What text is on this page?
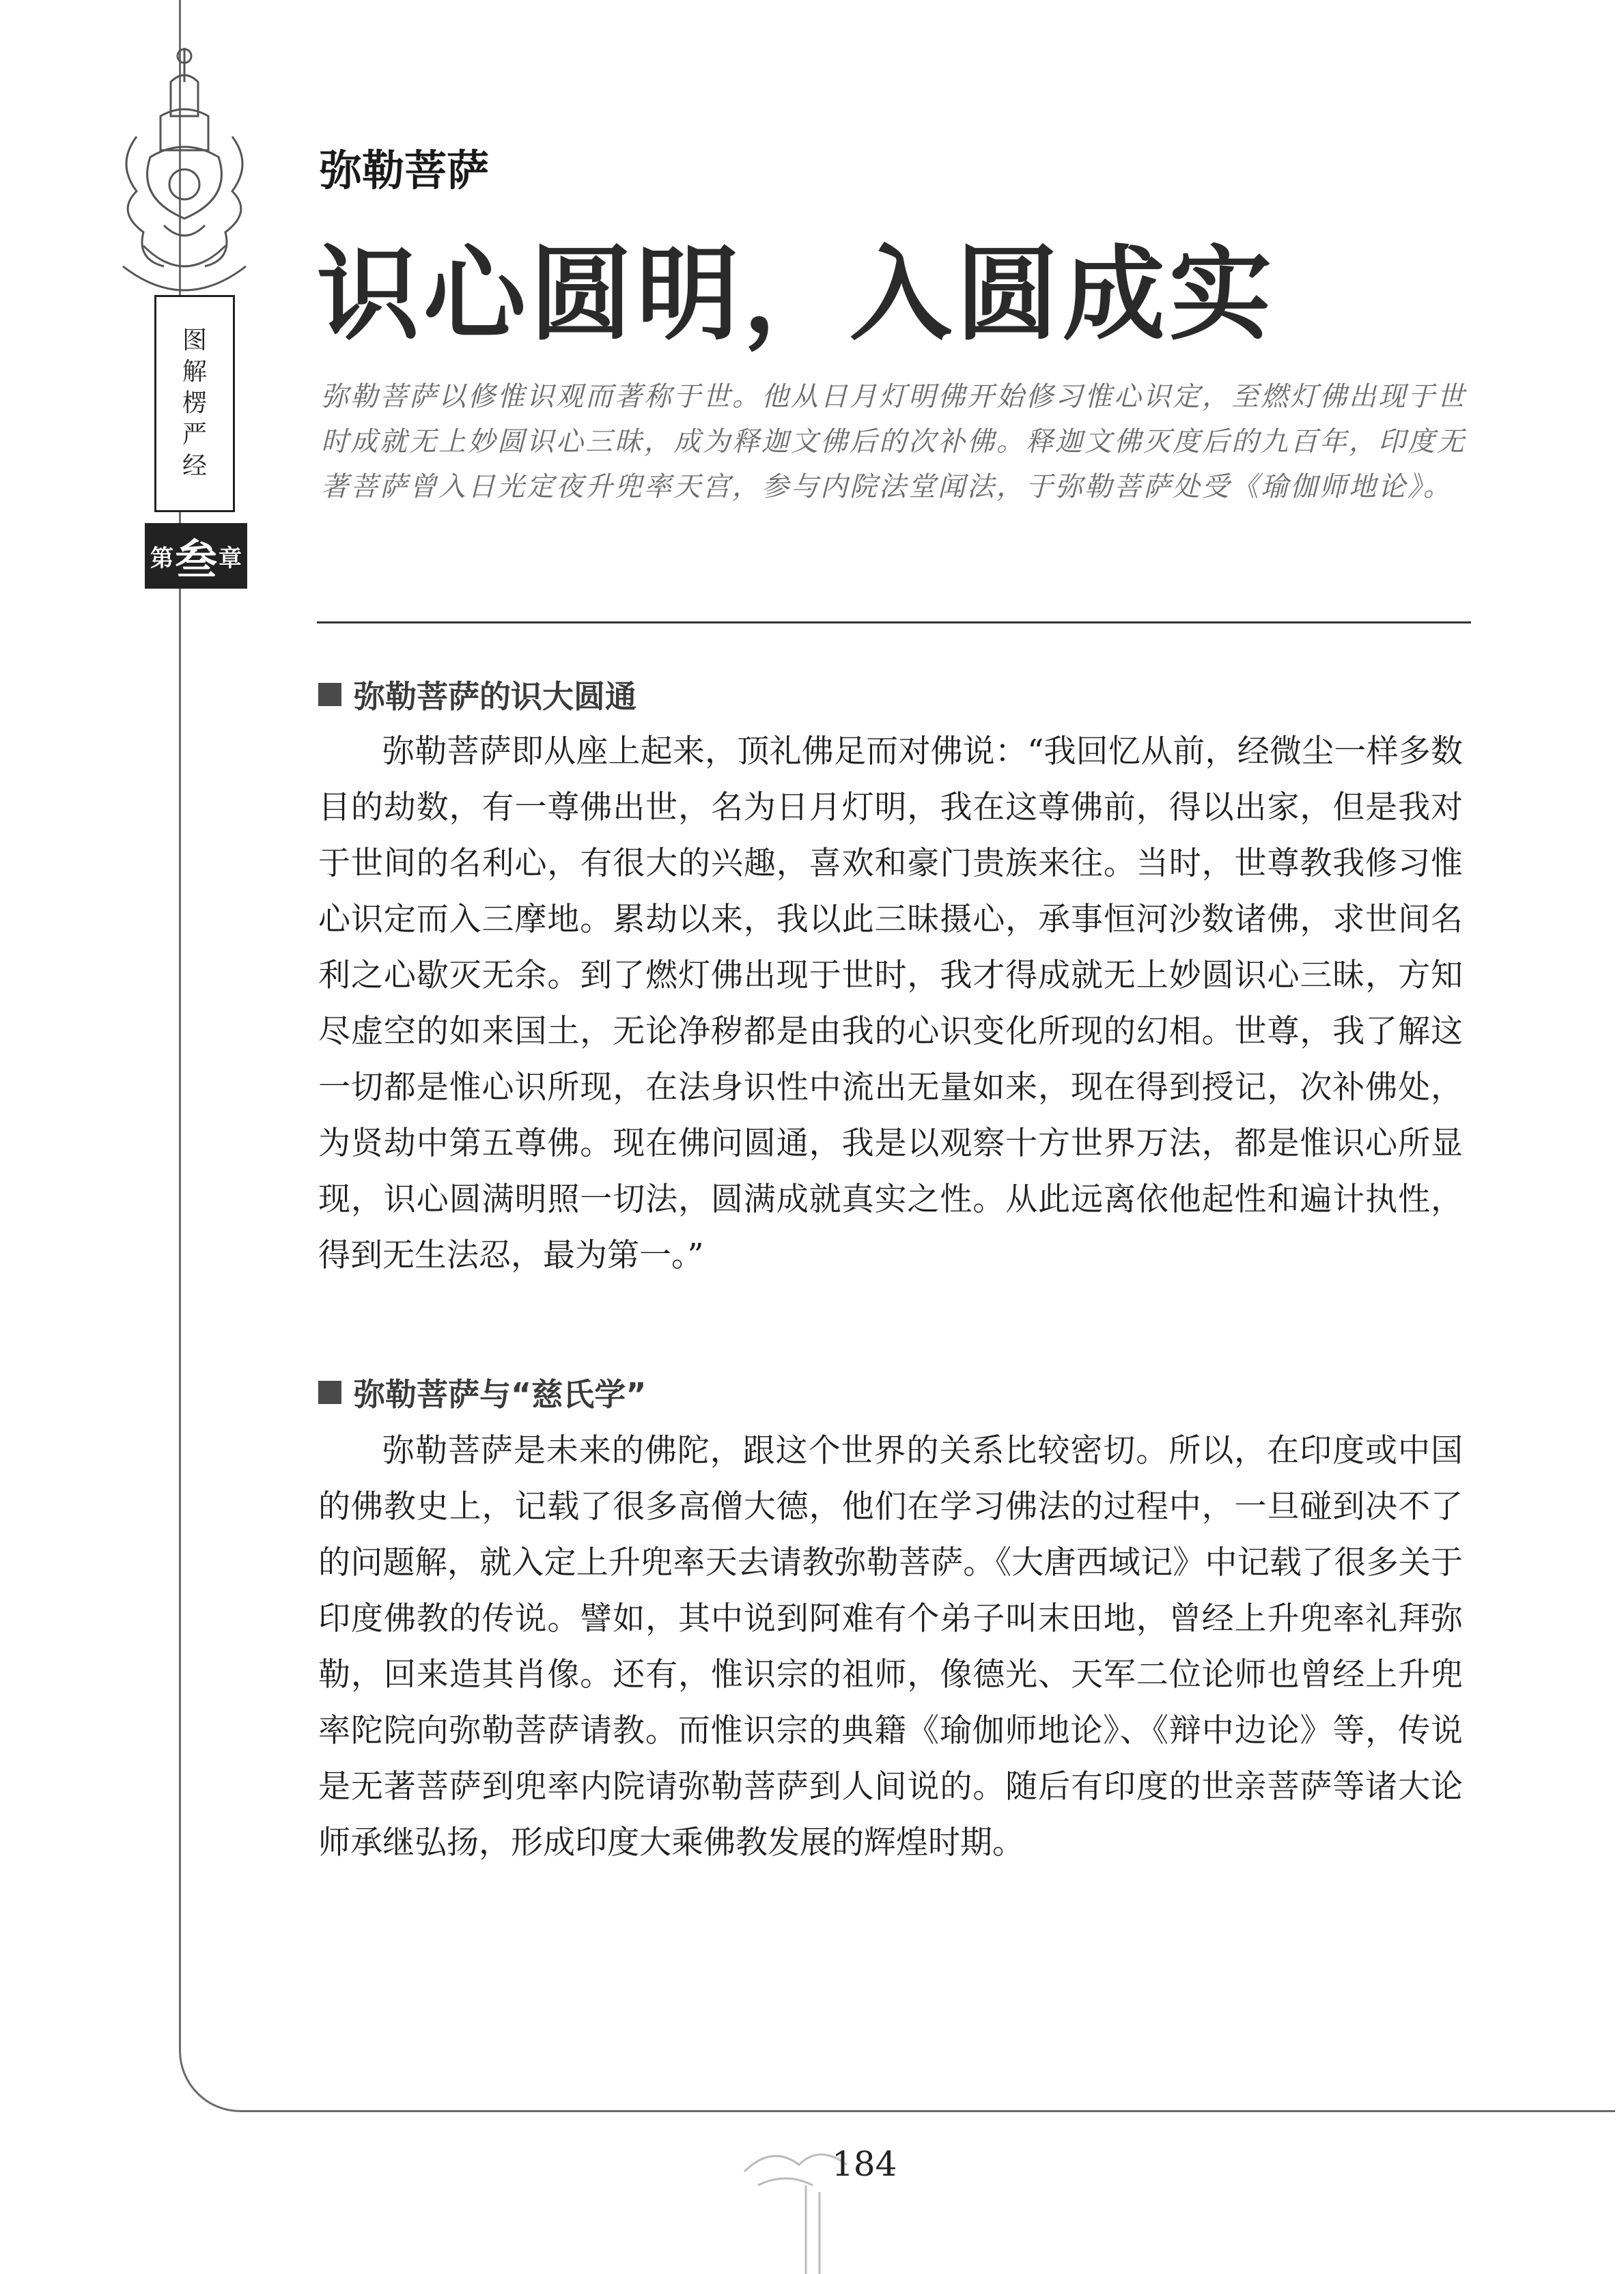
图解楞严经
第 叁 章
弥勒菩萨
识心圆明，入圆成实

弥勒菩萨以修惟识观而著称于世。他从日月灯明佛开始修习惟心识定，至燃灯佛出现于世时成就无上妙圆识心三昧，成为释迦文佛后的次补佛。释迦文佛灭度后的九百年，印度无著菩萨曾入日光定夜升兜率天宫，参与内院法堂闻法，于弥勒菩萨处受《瑜伽师地论》。

弥勒菩萨的识大圆通

弥勒菩萨即从座上起来，顶礼佛足而对佛说：“我回忆从前，经微尘一样多数目的劫数，有一尊佛出世，名为日月灯明，我在这尊佛前，得以出家，但是我对于世间的名利心，有很大的兴趣，喜欢和豪门贵族来往。当时，世尊教我修习惟心识定而入三摩地。累劫以来，我以此三昧摄心，承事恒河沙数诸佛，求世间名利之心歇灭无余。到了燃灯佛出现于世时，我才得成就无上妙圆识心三昧，方知尽虚空的如来国土，无论净秽都是由我的心识变化所现的幻相。世尊，我了解这一切都是惟心识所现，在法身识性中流出无量如来，现在得到授记，次补佛处，为贤劫中第五尊佛。现在佛问圆通，我是以观察十方世界万法，都是惟识心所显现，识心圆满明照一切法，圆满成就真实之性。从此远离依他起性和遍计执性，得到无生法忍，最为第一。”

弥勒菩萨与“慈氏学”

弥勒菩萨是未来的佛陀，跟这个世界的关系比较密切。所以，在印度或中国的佛教史上，记载了很多高僧大德，他们在学习佛法的过程中，一旦碰到决不了的问题解，就入定上升兜率天去请教弥勒菩萨。《大唐西域记》中记载了很多关于印度佛教的传说。譬如，其中说到阿难有个弟子叫末田地，曾经上升兜率礼拜弥勒，回来造其肖像。还有，惟识宗的祖师，像德光、天军二位论师也曾经上升兜率陀院向弥勒菩萨请教。而惟识宗的典籍《瑜伽师地论》、《辩中边论》等，传说是无著菩萨到兜率内院请弥勒菩萨到人间说的。随后有印度的世亲菩萨等诸大论师承继弘扬，形成印度大乘佛教发展的辉煌时期。

184
